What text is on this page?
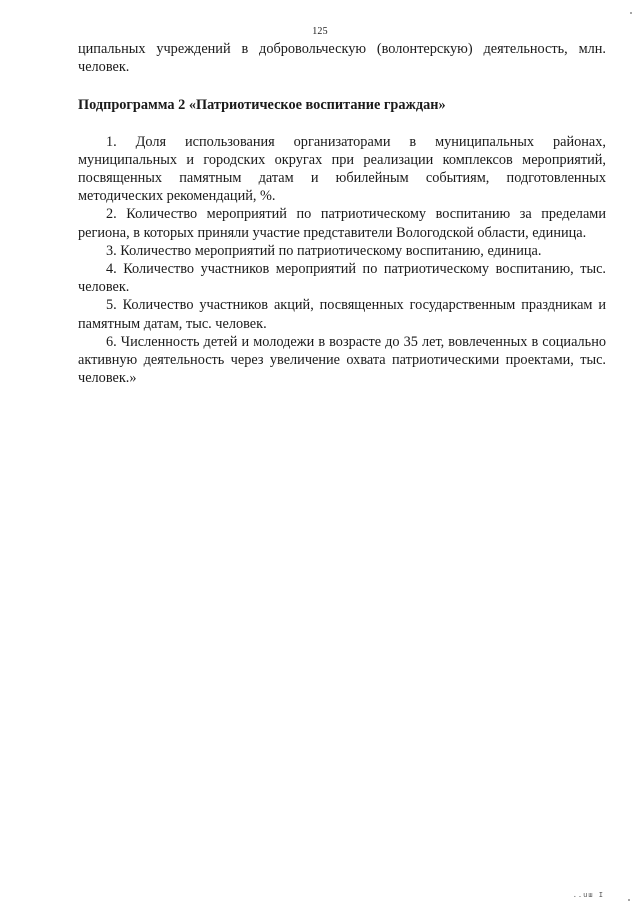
125

ципальных учреждений в добровольческую (волонтерскую) деятельность, млн. человек.

Подпрограмма 2 «Патриотическое воспитание граждан»

1. Доля использования организаторами в муниципальных районах, муниципальных и городских округах при реализации комплексов мероприятий, посвященных памятным датам и юбилейным событиям, подготовленных методических рекомендаций, %.

2. Количество мероприятий по патриотическому воспитанию за пределами региона, в которых приняли участие представители Вологодской области, единица.

3. Количество мероприятий по патриотическому воспитанию, единица.

4. Количество участников мероприятий по патриотическому воспитанию, тыс. человек.

5. Количество участников акций, посвященных государственным праздникам и памятным датам, тыс. человек.

6. Численность детей и молодежи в возрасте до 35 лет, вовлеченных в социально активную деятельность через увеличение охвата патриотическими проектами, тыс. человек.»

..uш I
